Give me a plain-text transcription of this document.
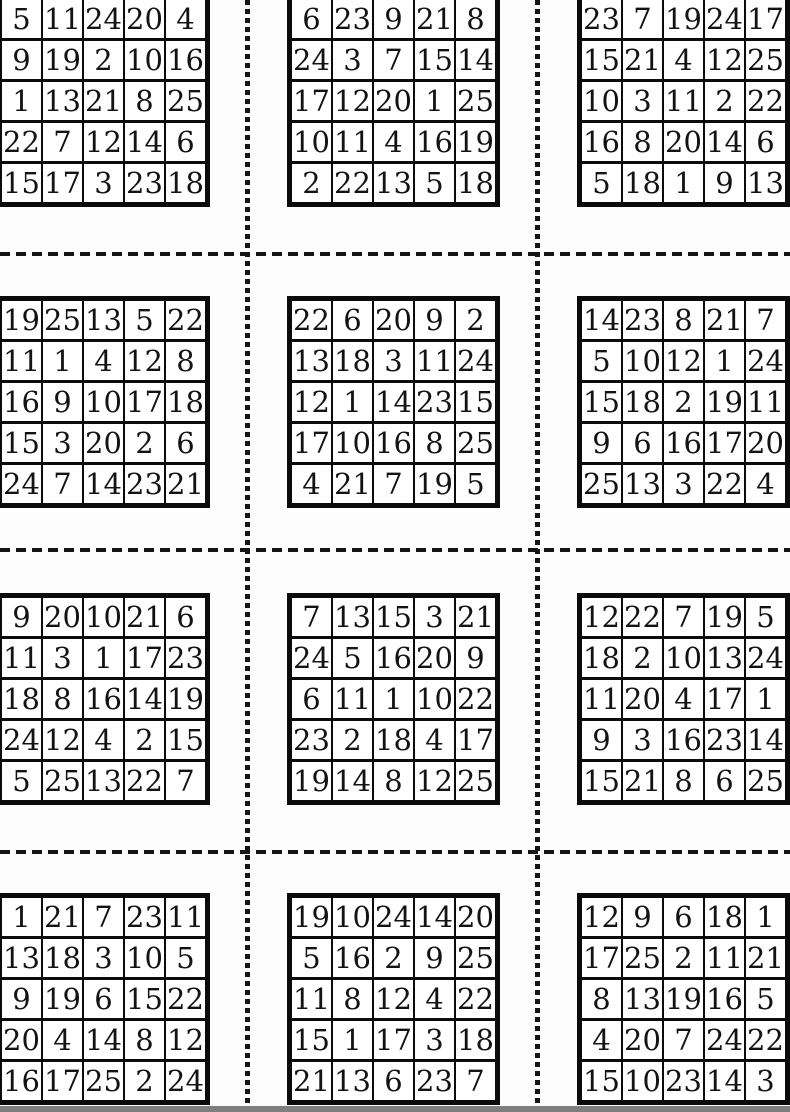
5	11	24	20	4
9	19	2	10	16
1	13	21	8	25
22	7	12	14	6
15	17	3	23	18
6	23	9	21	8
24	3	7	15	14
17	12	20	1	25
10	11	4	16	19
2	22	13	5	18
23	7	19	24	17
15	21	4	12	25
10	3	11	2	22
16	8	20	14	6
5	18	1	9	13
19	25	13	5	22
11	1	4	12	8
16	9	10	17	18
15	3	20	2	6
24	7	14	23	21
22	6	20	9	2
13	18	3	11	24
12	1	14	23	15
17	10	16	8	25
4	21	7	19	5
14	23	8	21	7
5	10	12	1	24
15	18	2	19	11
9	6	16	17	20
25	13	3	22	4
9	20	10	21	6
11	3	1	17	23
18	8	16	14	19
24	12	4	2	15
5	25	13	22	7
7	13	15	3	21
24	5	16	20	9
6	11	1	10	22
23	2	18	4	17
19	14	8	12	25
12	22	7	19	5
18	2	10	13	24
11	20	4	17	1
9	3	16	23	14
15	21	8	6	25
1	21	7	23	11
13	18	3	10	5
9	19	6	15	22
20	4	14	8	12
16	17	25	2	24
19	10	24	14	20
5	16	2	9	25
11	8	12	4	22
15	1	17	3	18
21	13	6	23	7
12	9	6	18	1
17	25	2	11	21
8	13	19	16	5
4	20	7	24	22
15	10	23	14	3
